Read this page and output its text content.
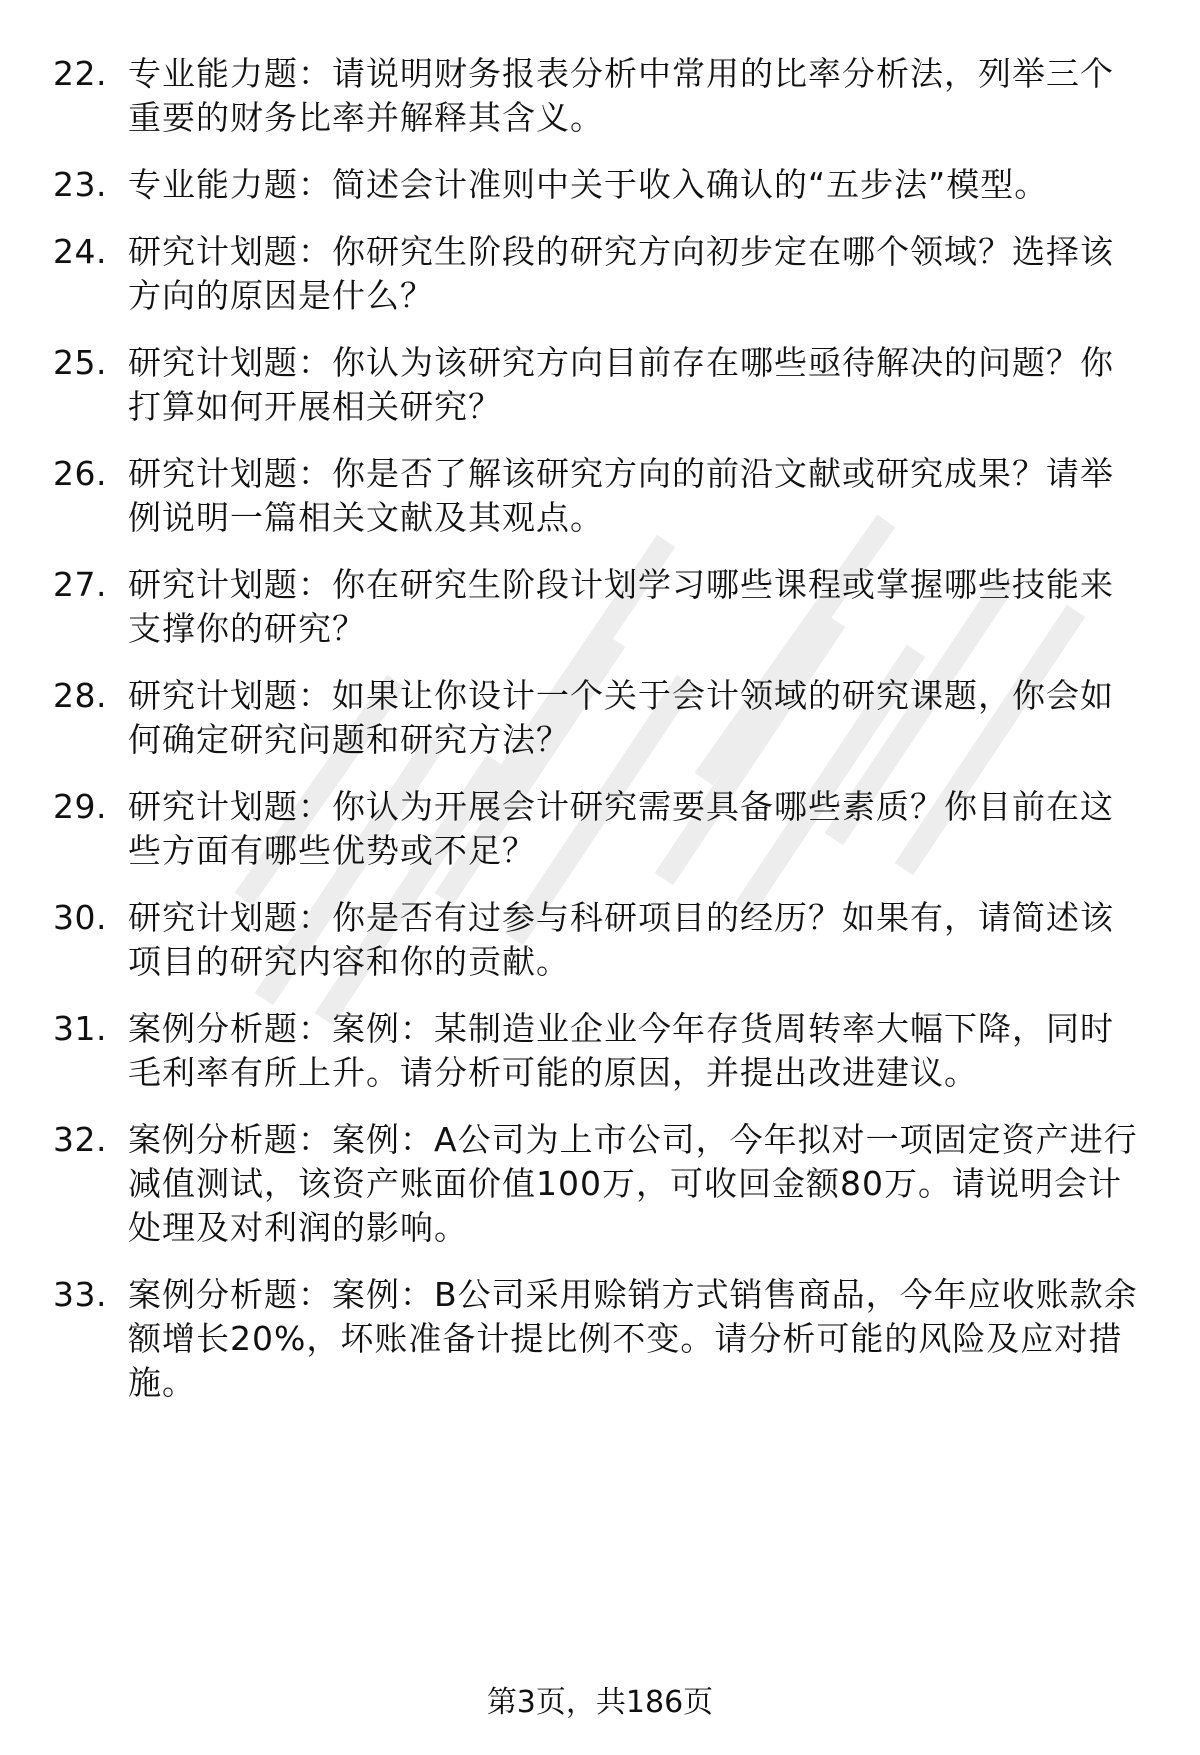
22. 专业能力题：请说明财务报表分析中常用的比率分析法，列举三个重要的财务比率并解释其含义。
23. 专业能力题：简述会计准则中关于收入确认的“五步法”模型。
24. 研究计划题：你研究生阶段的研究方向初步定在哪个领域？选择该方向的原因是什么？
25. 研究计划题：你认为该研究方向目前存在哪些亟待解决的问题？你打算如何开展相关研究？
26. 研究计划题：你是否了解该研究方向的前沿文献或研究成果？请举例说明一篇相关文献及其观点。
27. 研究计划题：你在研究生阶段计划学习哪些课程或掌握哪些技能来支撑你的研究？
28. 研究计划题：如果让你设计一个关于会计领域的研究课题，你会如何确定研究问题和研究方法？
29. 研究计划题：你认为开展会计研究需要具备哪些素质？你目前在这些方面有哪些优势或不足？
30. 研究计划题：你是否有过参与科研项目的经历？如果有，请简述该项目的研究内容和你的贡献。
31. 案例分析题：案例：某制造业企业今年存货周转率大幅下降，同时毛利率有所上升。请分析可能的原因，并提出改进建议。
32. 案例分析题：案例：A公司为上市公司，今年拟对一项固定资产进行减值测试，该资产账面价值100万，可收回金额80万。请说明会计处理及对利润的影响。
33. 案例分析题：案例：B公司采用赊销方式销售商品，今年应收账款余额增长20%，坏账准备计提比例不变。请分析可能的风险及应对措施。
第3页，共186页
